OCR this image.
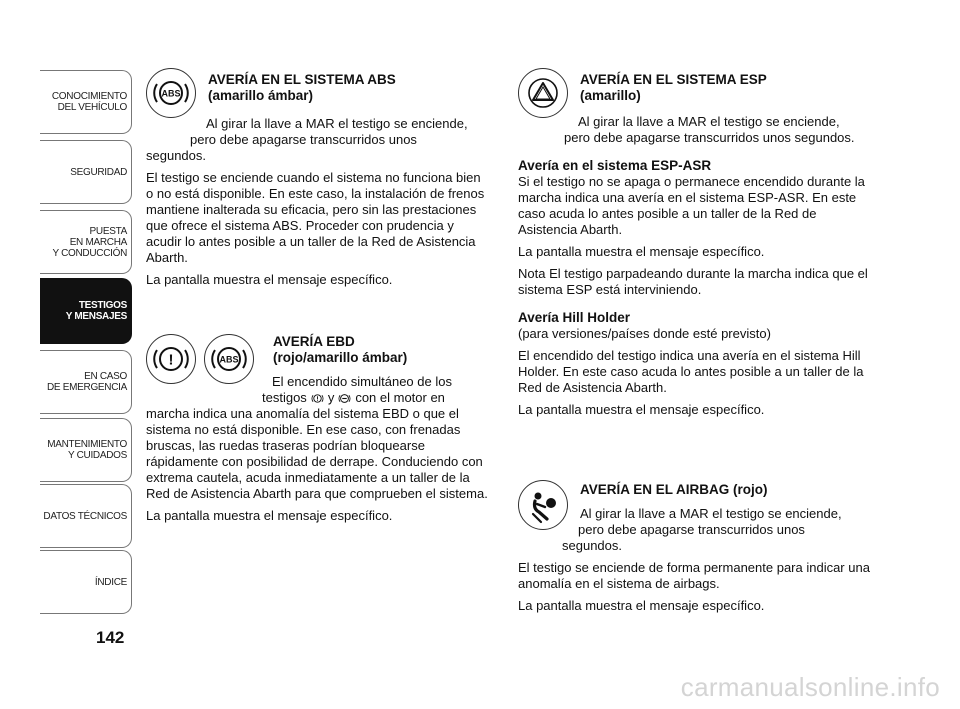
CONOCIMIENTO
DEL VEHÍCULO
SEGURIDAD
PUESTA
EN MARCHA
Y CONDUCCIÓN
TESTIGOS
Y MENSAJES
EN CASO
DE EMERGENCIA
MANTENIMIENTO
Y CUIDADOS
DATOS TÉCNICOS
ÍNDICE
142
ABS
AVERÍA EN EL SISTEMA ABS
(amarillo ámbar)
Al girar la llave a MAR el testigo se enciende,
pero debe apagarse transcurridos unos

segundos.

El testigo se enciende cuando el sistema no funciona bien o no está disponible. En este caso, la instalación de frenos mantiene inalterada su eficacia, pero sin las prestaciones que ofrece el sistema ABS. Proceder con prudencia y acudir lo antes posible a un taller de la Red de Asistencia Abarth.

La pantalla muestra el mensaje específico.

!	ABS
AVERÍA EBD
(rojo/amarillo ámbar)
El encendido simultáneo de los
testigos y con el motor en

marcha indica una anomalía del sistema EBD o que el sistema no está disponible. En ese caso, con frenadas bruscas, las ruedas traseras podrían bloquearse rápidamente con posibilidad de derrape. Conduciendo con extrema cautela, acuda inmediatamente a un taller de la Red de Asistencia Abarth para que comprueben el sistema.

La pantalla muestra el mensaje específico.

AVERÍA EN EL SISTEMA ESP
(amarillo)
Al girar la llave a MAR el testigo se enciende,

pero debe apagarse transcurridos unos segundos.

Avería en el sistema ESP-ASR

Si el testigo no se apaga o permanece encendido durante la marcha indica una avería en el sistema ESP-ASR. En este caso acuda lo antes posible a un taller de la Red de Asistencia Abarth.

La pantalla muestra el mensaje específico.

Nota El testigo parpadeando durante la marcha indica que el sistema ESP está interviniendo.

Avería Hill Holder

(para versiones/países donde esté previsto)

El encendido del testigo indica una avería en el sistema Hill Holder. En este caso acuda lo antes posible a un taller de la Red de Asistencia Abarth.

La pantalla muestra el mensaje específico.

AVERÍA EN EL AIRBAG (rojo)
Al girar la llave a MAR el testigo se enciende,
pero debe apagarse transcurridos unos

segundos.

El testigo se enciende de forma permanente para indicar una anomalía en el sistema de airbags.

La pantalla muestra el mensaje específico.

carmanualsonline.info
